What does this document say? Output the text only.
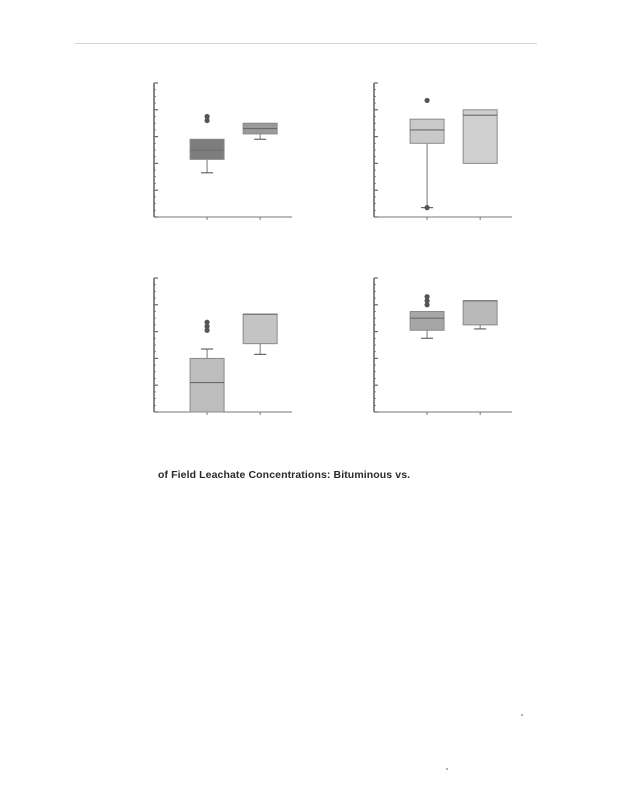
of Field Leachate Concentrations: Bituminous vs.
